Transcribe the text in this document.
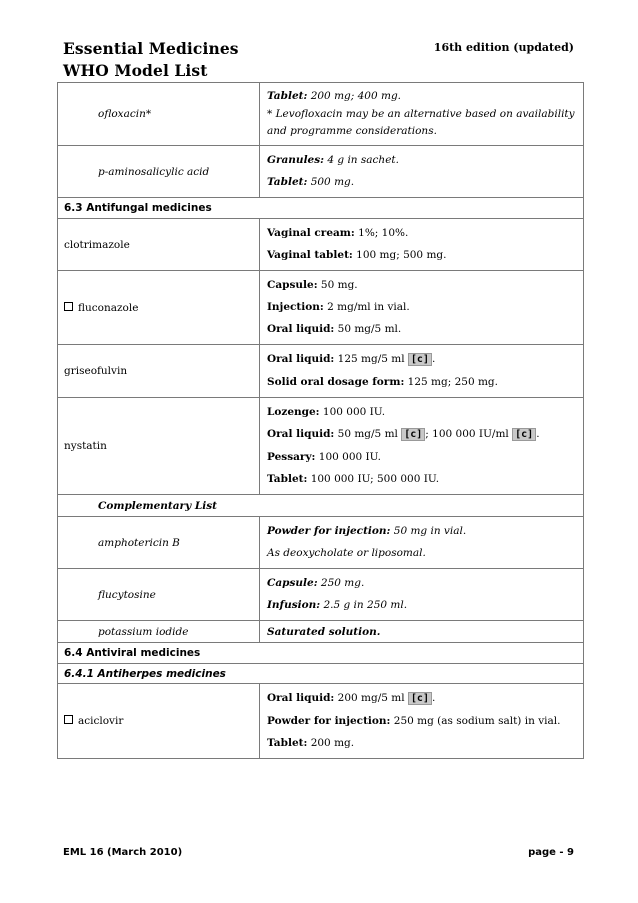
Essential Medicines
WHO Model List
16th edition (updated)
ofloxacin*	Tablet: 200 mg; 400 mg.
* Levofloxacin may be an alternative based on availability and programme considerations.

p-aminosalicylic acid	Granules: 4 g in sachet.
Tablet: 500 mg.

6.3 Antifungal medicines	
clotrimazole	Vaginal cream: 1%; 10%.
Vaginal tablet: 100 mg; 500 mg.

fluconazole	Capsule: 50 mg.
Injection: 2 mg/ml in vial.
Oral liquid: 50 mg/5 ml.

griseofulvin	Oral liquid: 125 mg/5 ml [c] .
Solid oral dosage form: 125 mg; 250 mg.

nystatin	Lozenge: 100 000 IU.
Oral liquid: 50 mg/5 ml [c] ; 100 000 IU/ml [c] .
Pessary: 100 000 IU.
Tablet: 100 000 IU; 500 000 IU.

Complementary List	
amphotericin B	Powder for injection: 50 mg in vial.
As deoxycholate or liposomal.

flucytosine	Capsule: 250 mg.
Infusion: 2.5 g in 250 ml.

potassium iodide	Saturated solution.
6.4 Antiviral medicines	
6.4.1 Antiherpes medicines	
aciclovir	Oral liquid: 200 mg/5 ml [c] .
Powder for injection: 250 mg (as sodium salt) in vial.
Tablet: 200 mg.
EML 16 (March 2010)	page - 9
